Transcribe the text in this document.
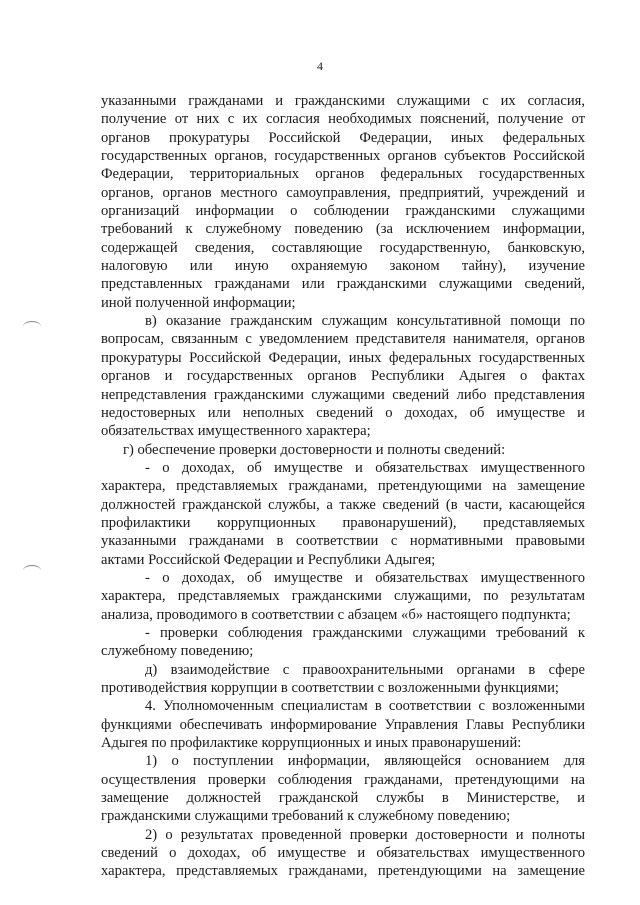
4
указанными гражданами и гражданскими служащими с их согласия,
получение от них с их согласия необходимых пояснений, получение от
органов прокуратуры Российской Федерации, иных федеральных
государственных органов, государственных органов субъектов Российской
Федерации, территориальных органов федеральных государственных
органов, органов местного самоуправления, предприятий, учреждений и
организаций информации о соблюдении гражданскими служащими
требований к служебному поведению (за исключением информации,
содержащей сведения, составляющие государственную, банковскую,
налоговую или иную охраняемую законом тайну), изучение
представленных гражданами или гражданскими служащими сведений,
иной полученной информации;
в) оказание гражданским служащим консультативной помощи по
вопросам, связанным с уведомлением представителя нанимателя, органов
прокуратуры Российской Федерации, иных федеральных государственных
органов и государственных органов Республики Адыгея о фактах
непредставления гражданскими служащими сведений либо представления
недостоверных или неполных сведений о доходах, об имуществе и
обязательствах имущественного характера;
г) обеспечение проверки достоверности и полноты сведений:
- о доходах, об имуществе и обязательствах имущественного
характера, представляемых гражданами, претендующими на замещение
должностей гражданской службы, а также сведений (в части, касающейся
профилактики коррупционных правонарушений), представляемых
указанными гражданами в соответствии с нормативными правовыми
актами Российской Федерации и Республики Адыгея;
- о доходах, об имуществе и обязательствах имущественного
характера, представляемых гражданскими служащими, по результатам
анализа, проводимого в соответствии с абзацем «б» настоящего подпункта;
- проверки соблюдения гражданскими служащими требований к
служебному поведению;
д) взаимодействие с правоохранительными органами в сфере
противодействия коррупции в соответствии с возложенными функциями;
4. Уполномоченным специалистам в соответствии с возложенными
функциями обеспечивать информирование Управления Главы Республики
Адыгея по профилактике коррупционных и иных правонарушений:
1) о поступлении информации, являющейся основанием для
осуществления проверки соблюдения гражданами, претендующими на
замещение должностей гражданской службы в Министерстве, и
гражданскими служащими требований к служебному поведению;
2) о результатах проведенной проверки достоверности и полноты
сведений о доходах, об имуществе и обязательствах имущественного
характера, представляемых гражданами, претендующими на замещение
